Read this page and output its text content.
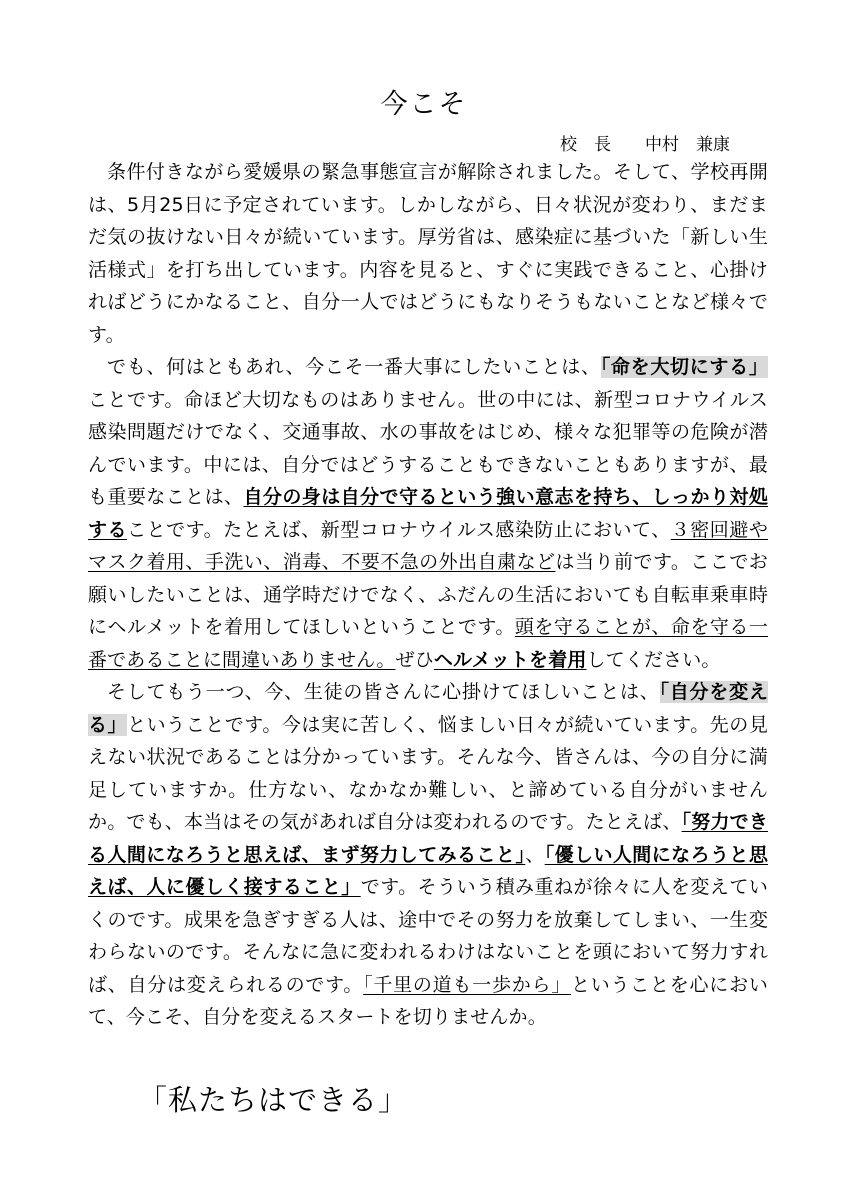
今こそ
校　長　　中村　兼康

条件付きながら愛媛県の緊急事態宣言が解除されました。そして、学校再開は、5月25日に予定されています。しかしながら、日々状況が変わり、まだまだ気の抜けない日々が続いています。厚労省は、感染症に基づいた「新しい生活様式」を打ち出しています。内容を見ると、すぐに実践できること、心掛ければどうにかなること、自分一人ではどうにもなりそうもないことなど様々です。

でも、何はともあれ、今こそ一番大事にしたいことは、「命を大切にする」ことです。命ほど大切なものはありません。世の中には、新型コロナウイルス感染問題だけでなく、交通事故、水の事故をはじめ、様々な犯罪等の危険が潜んでいます。中には、自分ではどうすることもできないこともありますが、最も重要なことは、自分の身は自分で守るという強い意志を持ち、しっかり対処することです。たとえば、新型コロナウイルス感染防止において、３密回避やマスク着用、手洗い、消毒、不要不急の外出自粛などは当り前です。ここでお願いしたいことは、通学時だけでなく、ふだんの生活においても自転車乗車時にヘルメットを着用してほしいということです。頭を守ることが、命を守る一番であることに間違いありません。ぜひヘルメットを着用してください。

そしてもう一つ、今、生徒の皆さんに心掛けてほしいことは、「自分を変える」ということです。今は実に苦しく、悩ましい日々が続いています。先の見えない状況であることは分かっています。そんな今、皆さんは、今の自分に満足していますか。仕方ない、なかなか難しい、と諦めている自分がいませんか。でも、本当はその気があれば自分は変われるのです。たとえば、「努力できる人間になろうと思えば、まず努力してみること」、「優しい人間になろうと思えば、人に優しく接すること」です。そういう積み重ねが徐々に人を変えていくのです。成果を急ぎすぎる人は、途中でその努力を放棄してしまい、一生変わらないのです。そんなに急に変われるわけはないことを頭において努力すれば、自分は変えられるのです。「千里の道も一歩から」ということを心において、今こそ、自分を変えるスタートを切りませんか。

「私たちはできる」
